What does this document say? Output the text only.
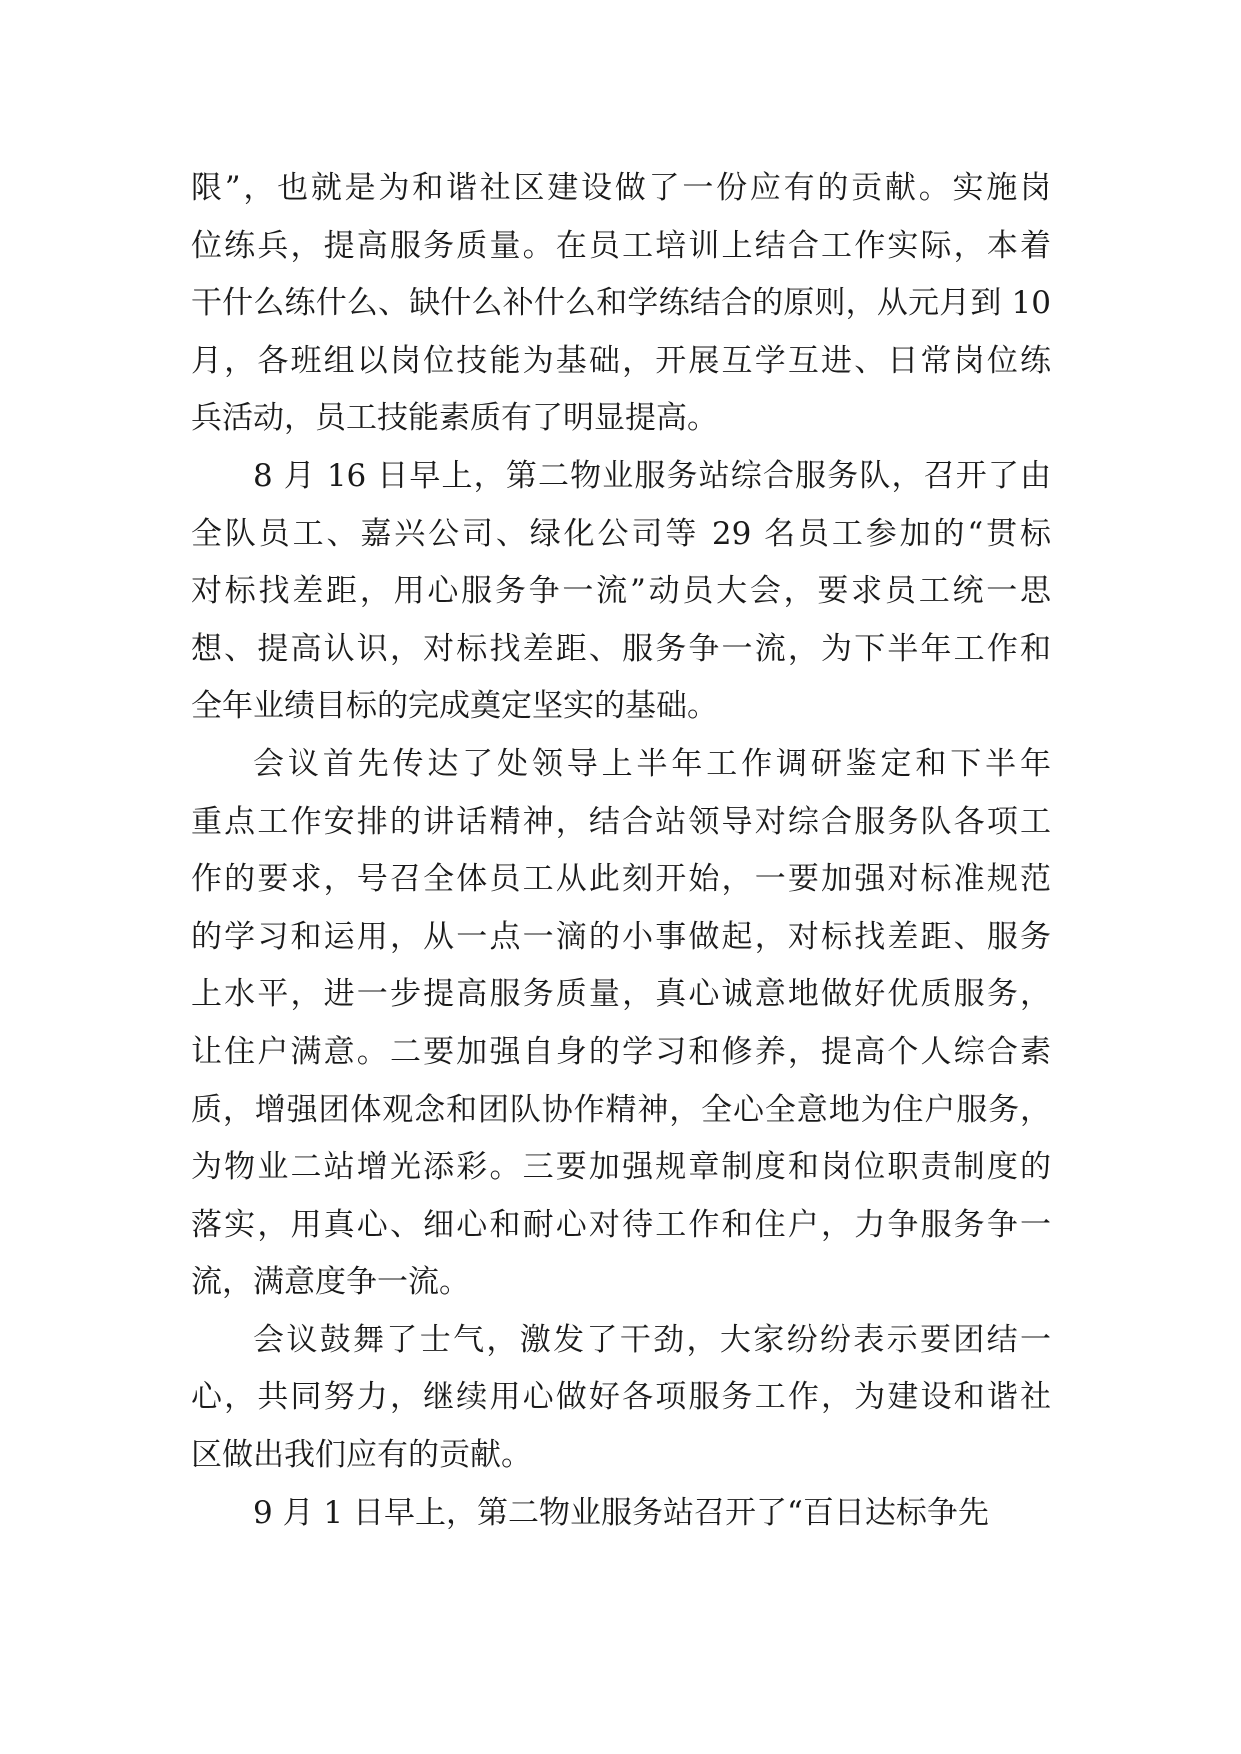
限”，也就是为和谐社区建设做了一份应有的贡献。实施岗
位练兵，提高服务质量。在员工培训上结合工作实际，本着
干什么练什么、缺什么补什么和学练结合的原则，从元月到 10
月，各班组以岗位技能为基础，开展互学互进、日常岗位练
兵活动，员工技能素质有了明显提高。
8 月 16 日早上，第二物业服务站综合服务队，召开了由
全队员工、嘉兴公司、绿化公司等 29 名员工参加的“贯标
对标找差距，用心服务争一流”动员大会，要求员工统一思
想、提高认识，对标找差距、服务争一流，为下半年工作和
全年业绩目标的完成奠定坚实的基础。
会议首先传达了处领导上半年工作调研鉴定和下半年
重点工作安排的讲话精神，结合站领导对综合服务队各项工
作的要求，号召全体员工从此刻开始，一要加强对标准规范
的学习和运用，从一点一滴的小事做起，对标找差距、服务
上水平，进一步提高服务质量，真心诚意地做好优质服务，
让住户满意。二要加强自身的学习和修养，提高个人综合素
质，增强团体观念和团队协作精神，全心全意地为住户服务，
为物业二站增光添彩。三要加强规章制度和岗位职责制度的
落实，用真心、细心和耐心对待工作和住户，力争服务争一
流，满意度争一流。
会议鼓舞了士气，激发了干劲，大家纷纷表示要团结一
心，共同努力，继续用心做好各项服务工作，为建设和谐社
区做出我们应有的贡献。
9 月 1 日早上，第二物业服务站召开了“百日达标争先
